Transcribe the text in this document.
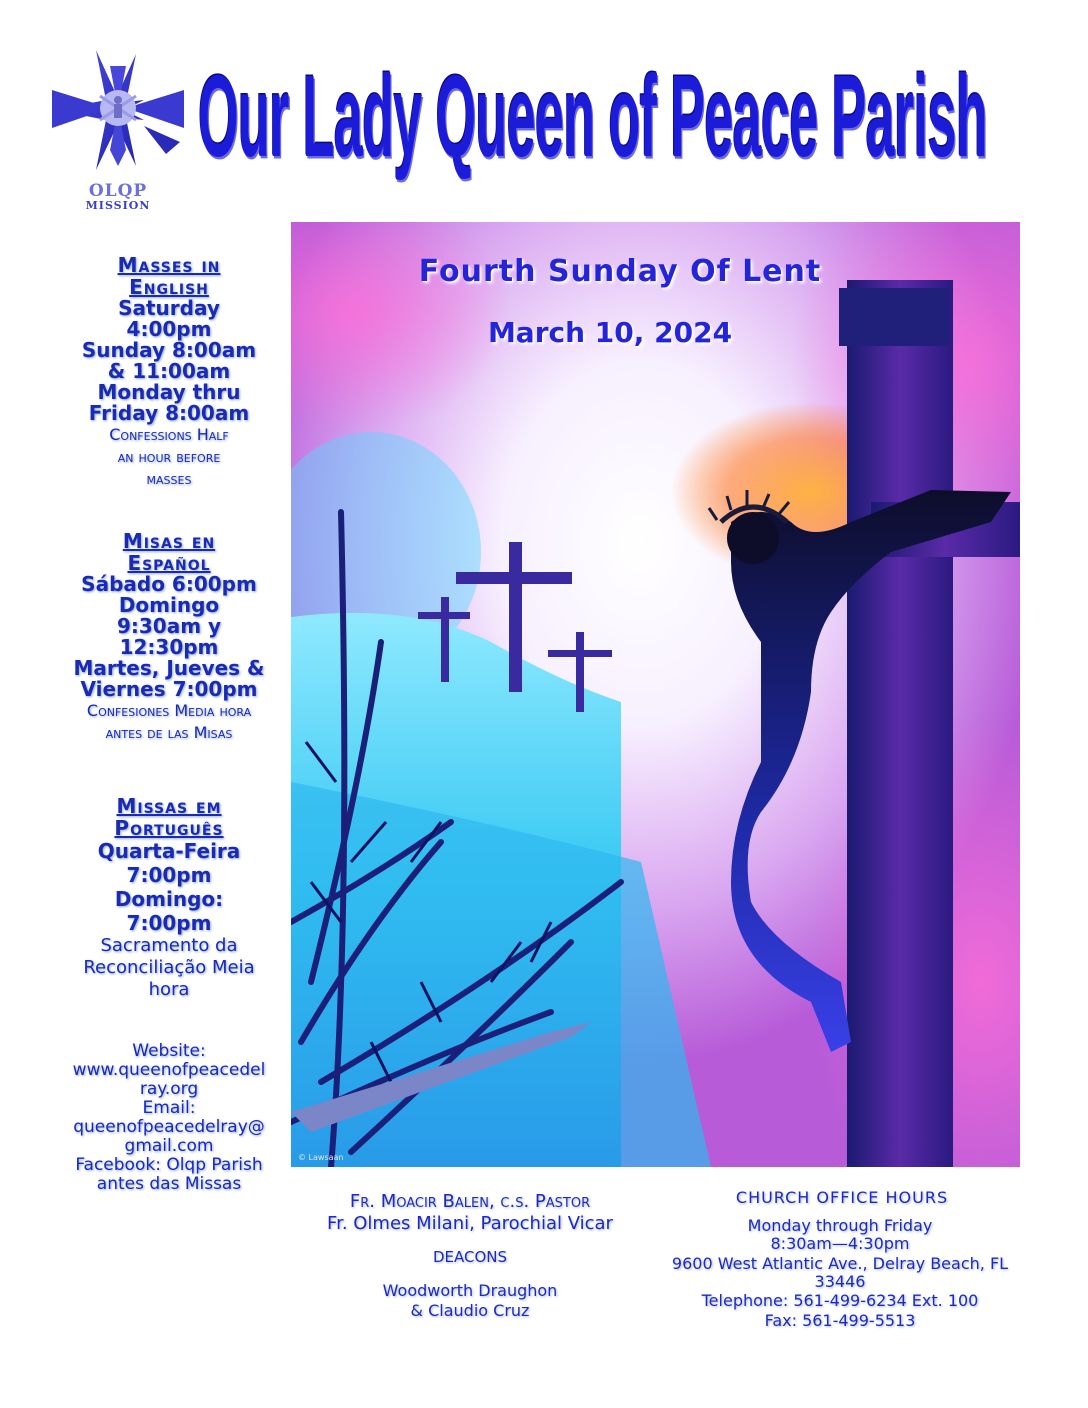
OLQP
MISSION
Our Lady Queen of Peace Parish
Masses in
English
Saturday
4:00pm
Sunday 8:00am
& 11:00am
Monday thru
Friday 8:00am
Confessions Half
an hour before
masses
Misas en
Español
Sábado 6:00pm
Domingo
9:30am y
12:30pm
Martes, Jueves &
Viernes 7:00pm
Confesiones Media hora
antes de las Misas
Missas em
Português
Quarta-Feira
7:00pm
Domingo:
7:00pm
Sacramento da
Reconciliação Meia
hora
Website:
www.queenofpeacedel
ray.org
Email:
queenofpeacedelray@
gmail.com
Facebook: Olqp Parish
antes das Missas
Fourth Sunday Of Lent
March 10, 2024
© Lawsaan
Fr. Moacir Balen, c.s. Pastor
Fr. Olmes Milani, Parochial Vicar
DEACONS
Woodworth Draughon
& Claudio Cruz
CHURCH OFFICE HOURS
Monday through Friday
8:30am—4:30pm
9600 West Atlantic Ave., Delray Beach, FL
33446
Telephone: 561-499-6234 Ext. 100
Fax: 561-499-5513
